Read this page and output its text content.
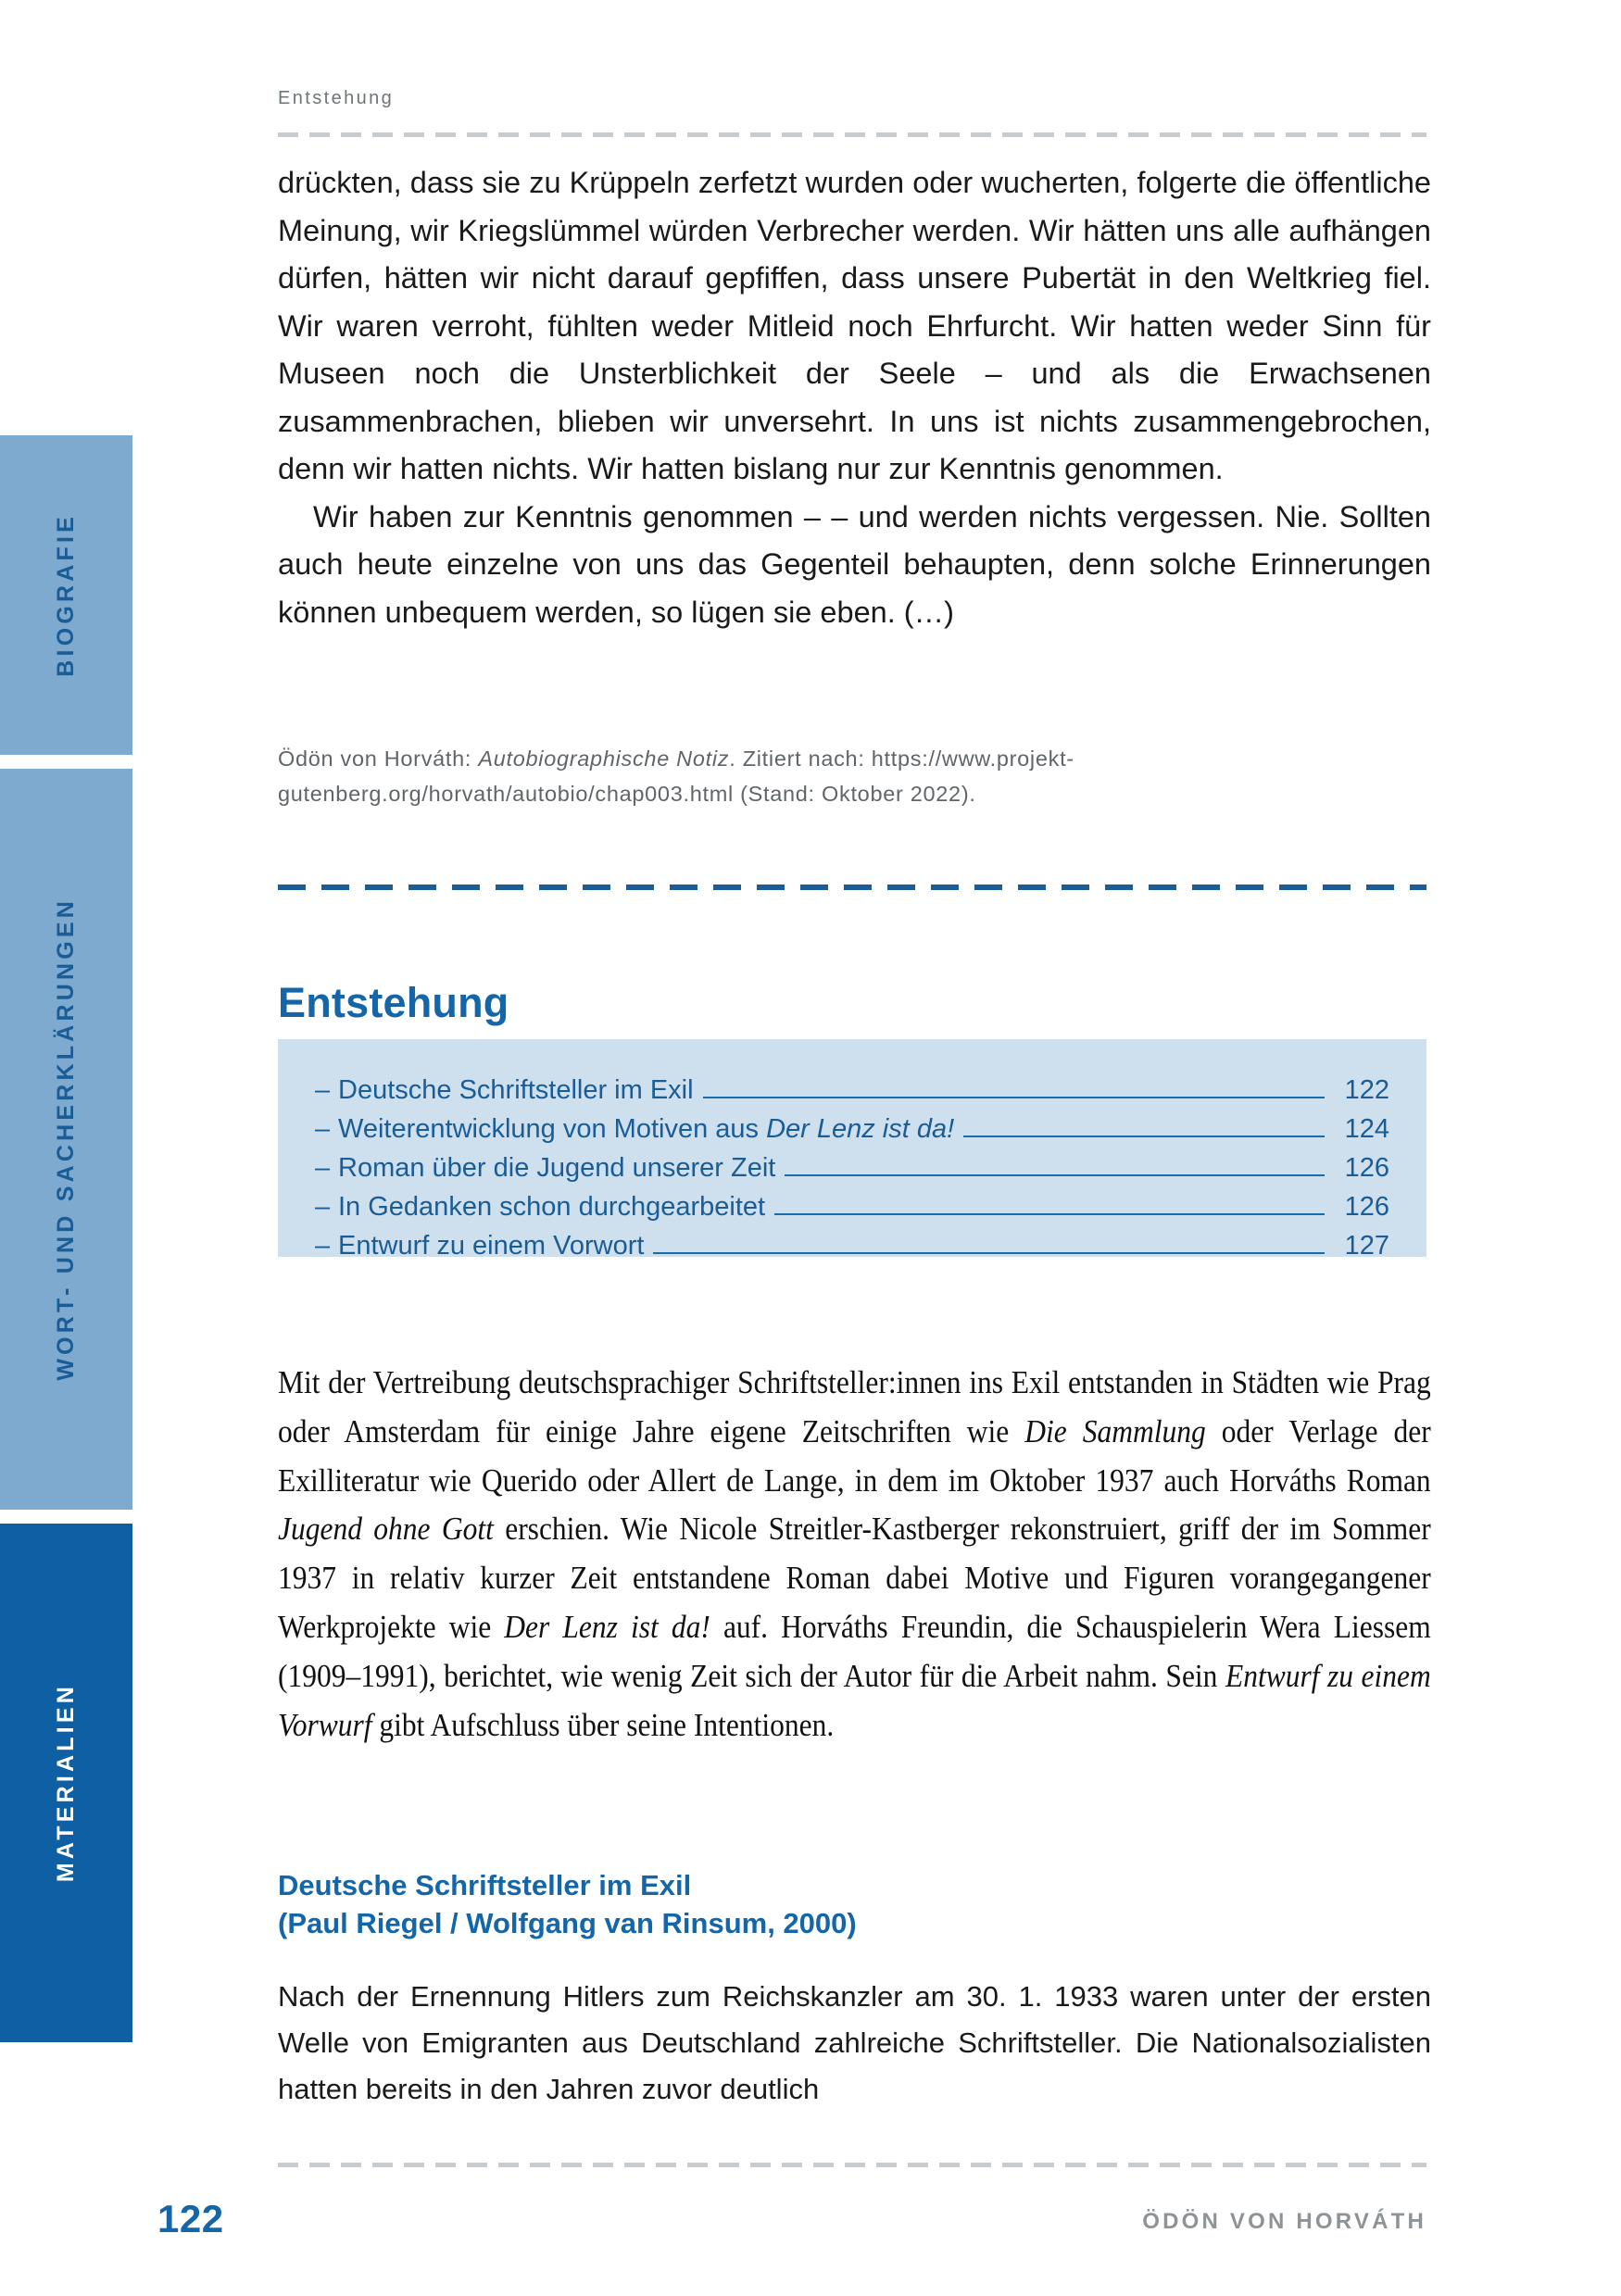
BIOGRAFIE
WORT- UND SACHERKLÄRUNGEN
MATERIALIEN
Entstehung
drückten, dass sie zu Krüppeln zerfetzt wurden oder wucherten, folgerte die öffentliche Meinung, wir Kriegslümmel würden Verbrecher werden. Wir hätten uns alle aufhängen dürfen, hätten wir nicht darauf gepfiffen, dass unsere Pubertät in den Weltkrieg fiel. Wir waren verroht, fühlten weder Mitleid noch Ehrfurcht. Wir hatten weder Sinn für Museen noch die Unsterblichkeit der Seele – und als die Erwachsenen zusammenbrachen, blieben wir unversehrt. In uns ist nichts zusammengebrochen, denn wir hatten nichts. Wir hatten bislang nur zur Kenntnis genommen.
Wir haben zur Kenntnis genommen – – und werden nichts vergessen. Nie. Sollten auch heute einzelne von uns das Gegenteil behaupten, denn solche Erinnerungen können unbequem werden, so lügen sie eben. (…)
Ödön von Horváth: Autobiographische Notiz. Zitiert nach: https://www.projekt-gutenberg.org/horvath/autobio/chap003.html (Stand: Oktober 2022).
Entstehung
– Deutsche Schriftsteller im Exil	122
– Weiterentwicklung von Motiven aus Der Lenz ist da!	124
– Roman über die Jugend unserer Zeit	126
– In Gedanken schon durchgearbeitet	126
– Entwurf zu einem Vorwort	127

Mit der Vertreibung deutschsprachiger Schriftsteller:innen ins Exil entstanden in Städten wie Prag oder Amsterdam für einige Jahre eigene Zeitschriften wie Die Sammlung oder Verlage der Exilliteratur wie Querido oder Allert de Lange, in dem im Oktober 1937 auch Horváths Roman Jugend ohne Gott erschien. Wie Nicole Streitler-Kastberger rekonstruiert, griff der im Sommer 1937 in relativ kurzer Zeit entstandene Roman dabei Motive und Figuren vorangegangener Werkprojekte wie Der Lenz ist da! auf. Horváths Freundin, die Schauspielerin Wera Liessem (1909–1991), berichtet, wie wenig Zeit sich der Autor für die Arbeit nahm. Sein Entwurf zu einem Vorwurf gibt Aufschluss über seine Intentionen.

Deutsche Schriftsteller im Exil
(Paul Riegel / Wolfgang van Rinsum, 2000)

Nach der Ernennung Hitlers zum Reichskanzler am 30. 1. 1933 waren unter der ersten Welle von Emigranten aus Deutschland zahlreiche Schriftsteller. Die Nationalsozialisten hatten bereits in den Jahren zuvor deutlich

122	ÖDÖN VON HORVÁTH
